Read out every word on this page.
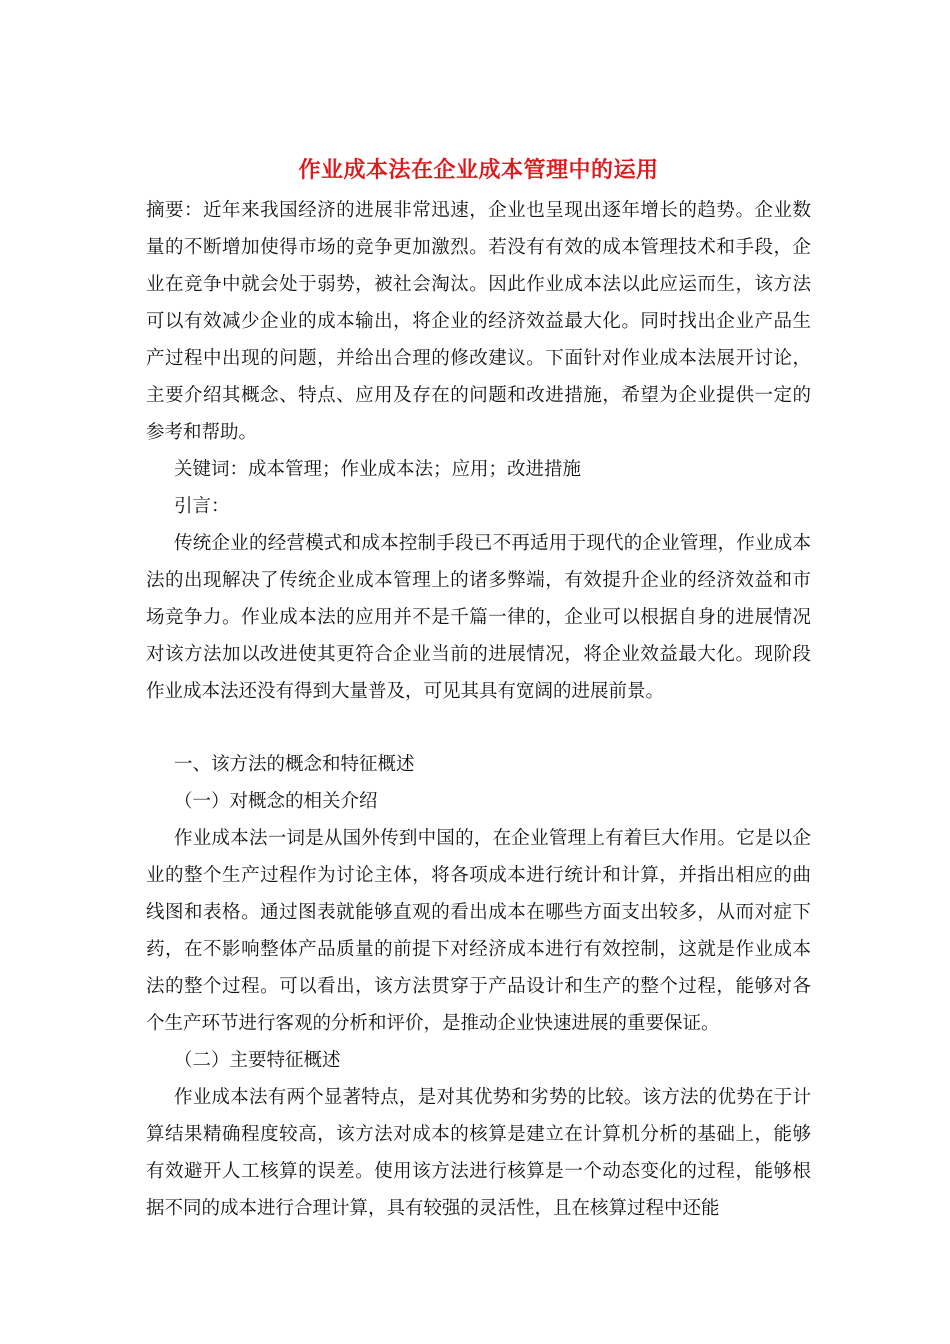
作业成本法在企业成本管理中的运用

摘要：近年来我国经济的进展非常迅速，企业也呈现出逐年增长的趋势。企业数量的不断增加使得市场的竞争更加激烈。若没有有效的成本管理技术和手段，企业在竞争中就会处于弱势，被社会淘汰。因此作业成本法以此应运而生，该方法可以有效减少企业的成本输出，将企业的经济效益最大化。同时找出企业产品生产过程中出现的问题，并给出合理的修改建议。下面针对作业成本法展开讨论，主要介绍其概念、特点、应用及存在的问题和改进措施，希望为企业提供一定的参考和帮助。

关键词：成本管理；作业成本法；应用；改进措施

引言：

传统企业的经营模式和成本控制手段已不再适用于现代的企业管理，作业成本法的出现解决了传统企业成本管理上的诸多弊端，有效提升企业的经济效益和市场竞争力。作业成本法的应用并不是千篇一律的，企业可以根据自身的进展情况对该方法加以改进使其更符合企业当前的进展情况，将企业效益最大化。现阶段作业成本法还没有得到大量普及，可见其具有宽阔的进展前景。

一、该方法的概念和特征概述

（一）对概念的相关介绍

作业成本法一词是从国外传到中国的，在企业管理上有着巨大作用。它是以企业的整个生产过程作为讨论主体，将各项成本进行统计和计算，并指出相应的曲线图和表格。通过图表就能够直观的看出成本在哪些方面支出较多，从而对症下药，在不影响整体产品质量的前提下对经济成本进行有效控制，这就是作业成本法的整个过程。可以看出，该方法贯穿于产品设计和生产的整个过程，能够对各个生产环节进行客观的分析和评价，是推动企业快速进展的重要保证。

（二）主要特征概述

作业成本法有两个显著特点，是对其优势和劣势的比较。该方法的优势在于计算结果精确程度较高，该方法对成本的核算是建立在计算机分析的基础上，能够有效避开人工核算的误差。使用该方法进行核算是一个动态变化的过程，能够根据不同的成本进行合理计算，具有较强的灵活性，且在核算过程中还能
